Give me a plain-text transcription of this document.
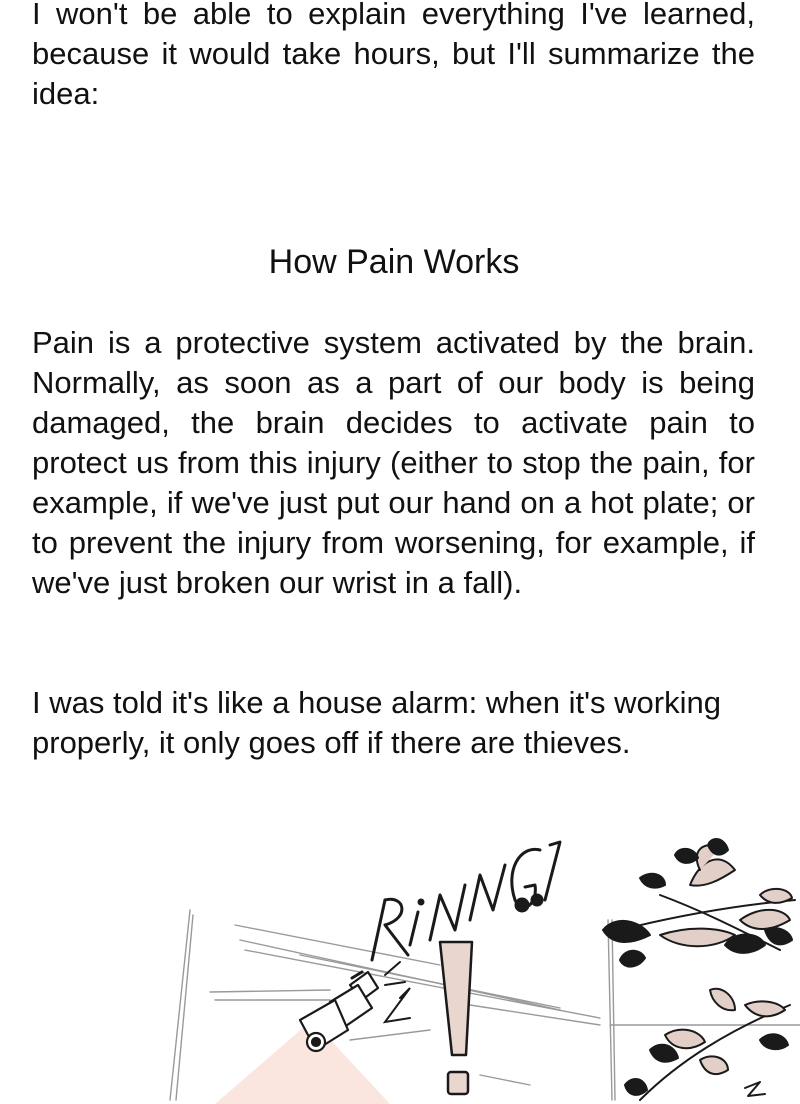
I won't be able to explain everything I've learned, because it would take hours, but I'll summarize the idea:

How Pain Works

Pain is a protective system activated by the brain. Normally, as soon as a part of our body is being damaged, the brain decides to activate pain to protect us from this injury (either to stop the pain, for example, if we've just put our hand on a hot plate; or to prevent the injury from worsening, for example, if we've just broken our wrist in a fall).

I was told it's like a house alarm: when it's working properly, it only goes off if there are thieves.
